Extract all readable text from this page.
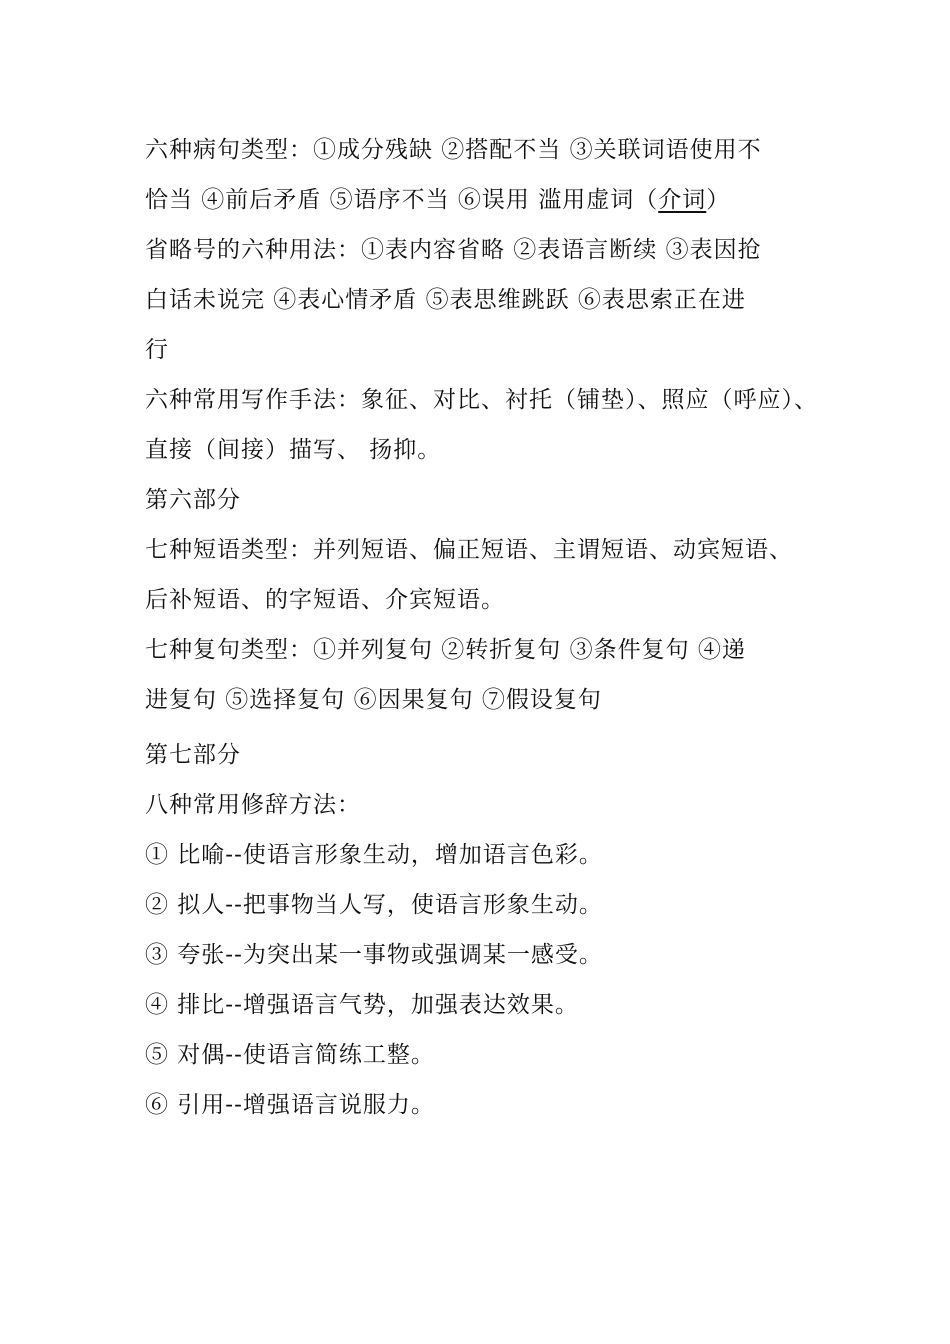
六种病句类型：①成分残缺 ②搭配不当 ③关联词语使用不
恰当 ④前后矛盾 ⑤语序不当 ⑥误用 滥用虚词（介词）
省略号的六种用法：①表内容省略 ②表语言断续 ③表因抢
白话未说完 ④表心情矛盾 ⑤表思维跳跃 ⑥表思索正在进
行
六种常用写作手法：象征、对比、衬托（铺垫）、照应（呼应）、
直接（间接）描写、 扬抑。
第六部分
七种短语类型：并列短语、偏正短语、主谓短语、动宾短语、
后补短语、的字短语、介宾短语。
七种复句类型：①并列复句 ②转折复句 ③条件复句 ④递
进复句 ⑤选择复句 ⑥因果复句 ⑦假设复句
第七部分
八种常用修辞方法：
① 比喻--使语言形象生动，增加语言色彩。
② 拟人--把事物当人写，使语言形象生动。
③ 夸张--为突出某一事物或强调某一感受。
④ 排比--增强语言气势，加强表达效果。
⑤ 对偶--使语言简练工整。
⑥ 引用--增强语言说服力。
